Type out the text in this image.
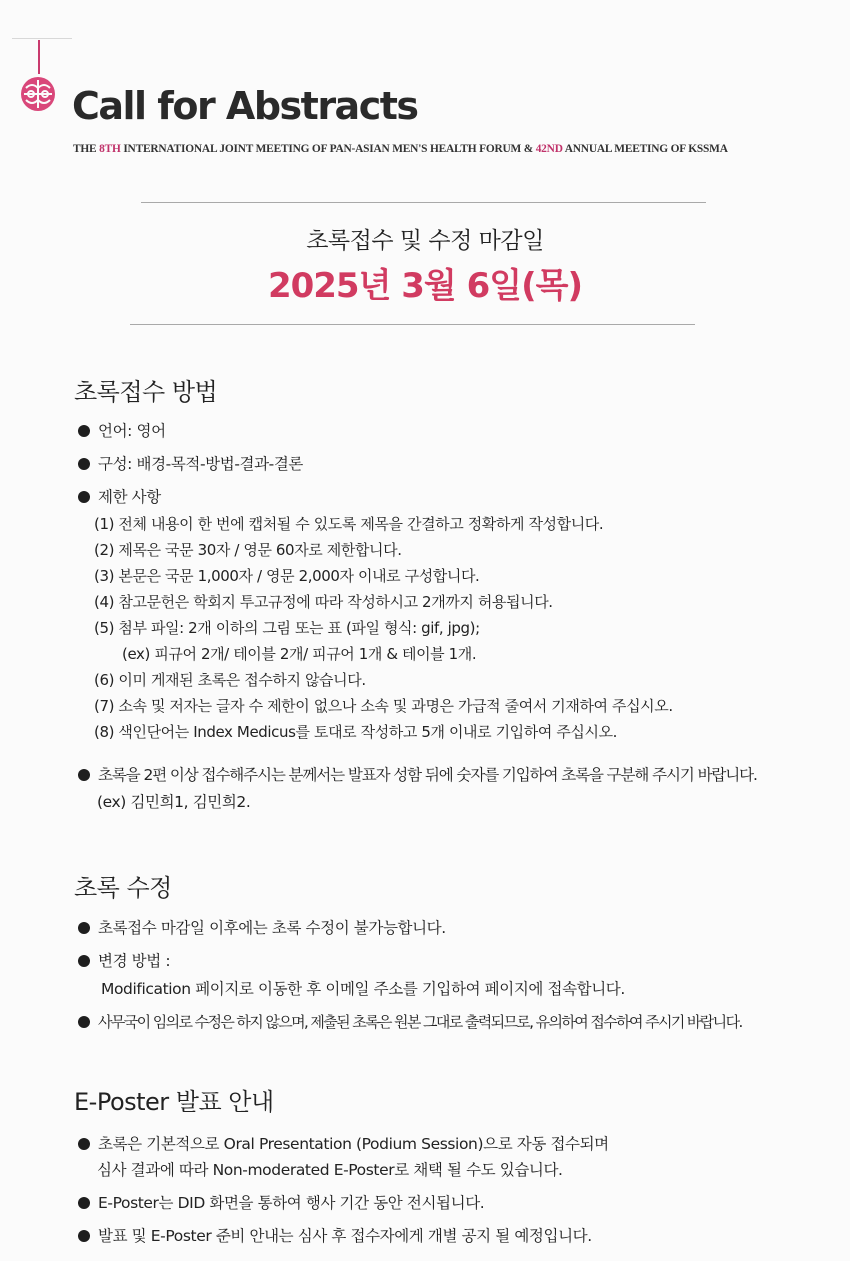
Call for Abstracts

THE 8TH INTERNATIONAL JOINT MEETING OF PAN-ASIAN MEN'S HEALTH FORUM & 42ND ANNUAL MEETING OF KSSMA

초록접수 및 수정 마감일
2025년 3월 6일(목)
초록접수 방법
언어: 영어
구성: 배경-목적-방법-결과-결론
제한 사항
(1) 전체 내용이 한 번에 캡처될 수 있도록 제목을 간결하고 정확하게 작성합니다.
(2) 제목은 국문 30자 / 영문 60자로 제한합니다.
(3) 본문은 국문 1,000자 / 영문 2,000자 이내로 구성합니다.
(4) 참고문헌은 학회지 투고규정에 따라 작성하시고 2개까지 허용됩니다.
(5) 첨부 파일: 2개 이하의 그림 또는 표 (파일 형식: gif, jpg);
(ex) 피규어 2개/ 테이블 2개/ 피규어 1개 & 테이블 1개.
(6) 이미 게재된 초록은 접수하지 않습니다.
(7) 소속 및 저자는 글자 수 제한이 없으나 소속 및 과명은 가급적 줄여서 기재하여 주십시오.
(8) 색인단어는 Index Medicus를 토대로 작성하고 5개 이내로 기입하여 주십시오.
초록을 2편 이상 접수해주시는 분께서는 발표자 성함 뒤에 숫자를 기입하여 초록을 구분해 주시기 바랍니다.
(ex) 김민희1, 김민희2.
초록 수정
초록접수 마감일 이후에는 초록 수정이 불가능합니다.
변경 방법 :
Modification 페이지로 이동한 후 이메일 주소를 기입하여 페이지에 접속합니다.
사무국이 임의로 수정은 하지 않으며, 제출된 초록은 원본 그대로 출력되므로, 유의하여 접수하여 주시기 바랍니다.
E-Poster 발표 안내
초록은 기본적으로 Oral Presentation (Podium Session)으로 자동 접수되며
심사 결과에 따라 Non-moderated E-Poster로 채택 될 수도 있습니다.
E-Poster는 DID 화면을 통하여 행사 기간 동안 전시됩니다.
발표 및 E-Poster 준비 안내는 심사 후 접수자에게 개별 공지 될 예정입니다.
